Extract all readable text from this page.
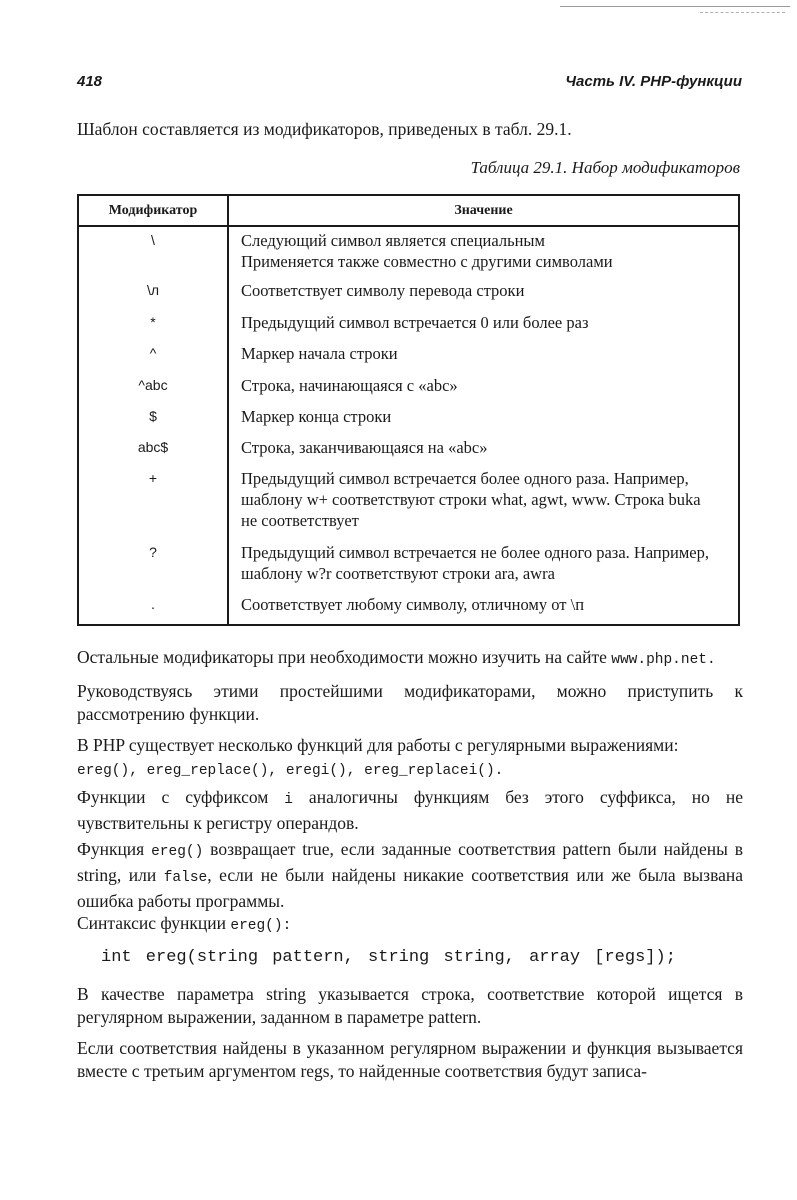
418	Часть IV. PHP-функции
Шаблон составляется из модификаторов, приведеных в табл. 29.1.
Таблица 29.1. Набор модификаторов
Модификатор	Значение
\	Следующий символ является специальным
Применяется также совместно с другими символами
\л	Соответствует символу перевода строки
*	Предыдущий символ встречается 0 или более раз
^	Маркер начала строки
^abc	Строка, начинающаяся с «abc»
$	Маркер конца строки
abc$	Строка, заканчивающаяся на «abc»
+	Предыдущий символ встречается более одного раза. Например,
шаблону w+ соответствуют строки what, agwt, www. Строка buka
не соответствует
?	Предыдущий символ встречается не более одного раза. Например,
шаблону w?r соответствуют строки ara, awra
.	Соответствует любому символу, отличному от \п
Остальные модификаторы при необходимости можно изучить на сайте www.php.net.
Руководствуясь этими простейшими модификаторами, можно приступить к рассмотрению функции.
В PHP существует несколько функций для работы с регулярными выражениями:
ereg(), ereg_replace(), eregi(), ereg_replacei().
Функции с суффиксом i аналогичны функциям без этого суффикса, но не чувствительны к регистру операндов.
Функция ereg() возвращает true, если заданные соответствия pattern были найдены в string, или false, если не были найдены никакие соответствия или же была вызвана ошибка работы программы.
Синтаксис функции ereg():
int ereg(string pattern, string string, array [regs]);
В качестве параметра string указывается строка, соответствие которой ищется в регулярном выражении, заданном в параметре pattern.
Если соответствия найдены в указанном регулярном выражении и функция вызывается вместе с третьим аргументом regs, то найденные соответствия будут записа-
